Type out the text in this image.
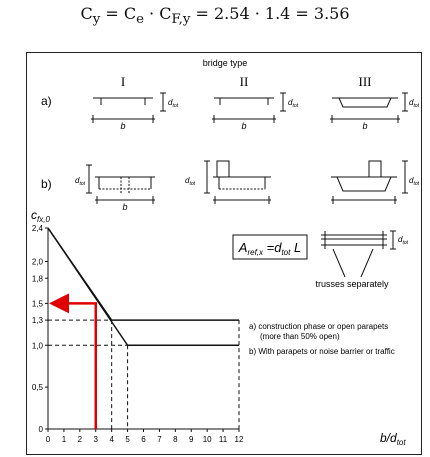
$C_y = C_e \cdot C_{F,y} = 2.54 \cdot 1.4 = 3.56$
bridge type
a)
b)
I	II	III
b
$d_{tot}$
b
$d_{tot}$
b
$d_{tot}$
$d_{tot}$
b
$d_{tot}$	$d_{tot}$
$A_{ref,x} =d_{tot}$ L
$d_{tot}$
trusses separately
0
0,5
1,0
1,3
1,5
1,8
2,0
2,4
0 1 2 3 4 5 6 7 8 9 10 11 12
$c_{fx,0}$
$b/d_{tot}$
a) construction phase or open parapets
(more than 50% open)
b) With parapets or noise barrier or traffic
